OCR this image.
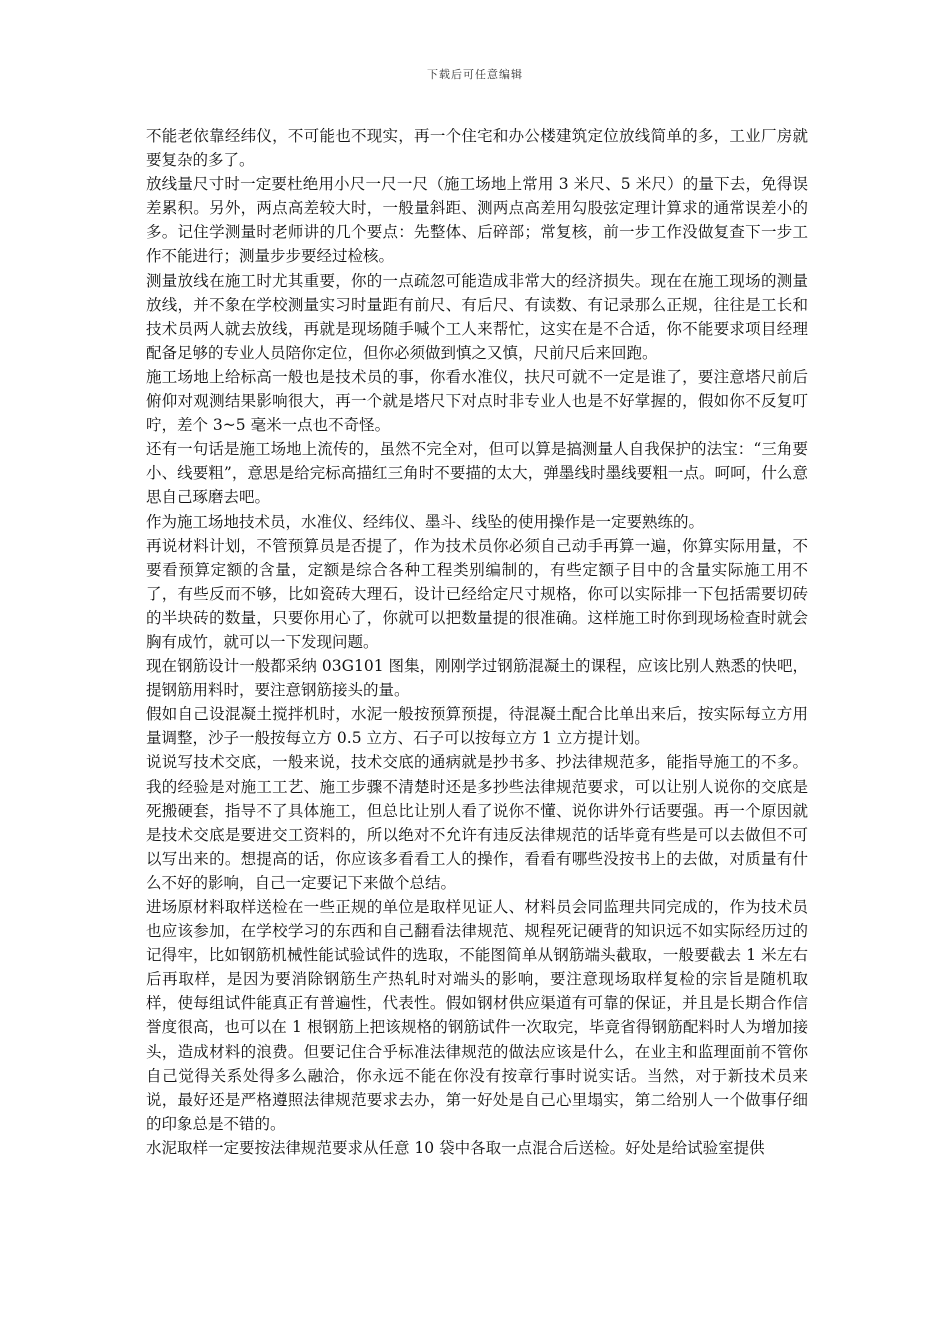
下载后可任意编辑

不能老依靠经纬仪，不可能也不现实，再一个住宅和办公楼建筑定位放线简单的多，工业厂房就要复杂的多了。

放线量尺寸时一定要杜绝用小尺一尺一尺（施工场地上常用 3 米尺、5 米尺）的量下去，免得误差累积。另外，两点高差较大时，一般量斜距、测两点高差用勾股弦定理计算求的通常误差小的多。记住学测量时老师讲的几个要点：先整体、后碎部；常复核，前一步工作没做复查下一步工作不能进行；测量步步要经过检核。

测量放线在施工时尤其重要，你的一点疏忽可能造成非常大的经济损失。现在在施工现场的测量放线，并不象在学校测量实习时量距有前尺、有后尺、有读数、有记录那么正规，往往是工长和技术员两人就去放线，再就是现场随手喊个工人来帮忙，这实在是不合适，你不能要求项目经理配备足够的专业人员陪你定位，但你必须做到慎之又慎，尺前尺后来回跑。

施工场地上给标高一般也是技术员的事，你看水准仪，扶尺可就不一定是谁了，要注意塔尺前后俯仰对观测结果影响很大，再一个就是塔尺下对点时非专业人也是不好掌握的，假如你不反复叮咛，差个 3~5 毫米一点也不奇怪。

还有一句话是施工场地上流传的，虽然不完全对，但可以算是搞测量人自我保护的法宝：“三角要小、线要粗”，意思是给完标高描红三角时不要描的太大，弹墨线时墨线要粗一点。呵呵，什么意思自己琢磨去吧。

作为施工场地技术员，水准仪、经纬仪、墨斗、线坠的使用操作是一定要熟练的。

再说材料计划，不管预算员是否提了，作为技术员你必须自己动手再算一遍，你算实际用量，不要看预算定额的含量，定额是综合各种工程类别编制的，有些定额子目中的含量实际施工用不了，有些反而不够，比如瓷砖大理石，设计已经给定尺寸规格，你可以实际排一下包括需要切砖的半块砖的数量，只要你用心了，你就可以把数量提的很准确。这样施工时你到现场检查时就会胸有成竹，就可以一下发现问题。

现在钢筋设计一般都采纳 03G101 图集，刚刚学过钢筋混凝土的课程，应该比别人熟悉的快吧，提钢筋用料时，要注意钢筋接头的量。

假如自己设混凝土搅拌机时，水泥一般按预算预提，待混凝土配合比单出来后，按实际每立方用量调整，沙子一般按每立方 0.5 立方、石子可以按每立方 1 立方提计划。

说说写技术交底，一般来说，技术交底的通病就是抄书多、抄法律规范多，能指导施工的不多。我的经验是对施工工艺、施工步骤不清楚时还是多抄些法律规范要求，可以让别人说你的交底是死搬硬套，指导不了具体施工，但总比让别人看了说你不懂、说你讲外行话要强。再一个原因就是技术交底是要进交工资料的，所以绝对不允许有违反法律规范的话毕竟有些是可以去做但不可以写出来的。想提高的话，你应该多看看工人的操作，看看有哪些没按书上的去做，对质量有什么不好的影响，自己一定要记下来做个总结。

进场原材料取样送检在一些正规的单位是取样见证人、材料员会同监理共同完成的，作为技术员也应该参加，在学校学习的东西和自己翻看法律规范、规程死记硬背的知识远不如实际经历过的记得牢，比如钢筋机械性能试验试件的选取，不能图简单从钢筋端头截取，一般要截去 1 米左右后再取样，是因为要消除钢筋生产热轧时对端头的影响，要注意现场取样复检的宗旨是随机取样，使每组试件能真正有普遍性，代表性。假如钢材供应渠道有可靠的保证，并且是长期合作信誉度很高，也可以在 1 根钢筋上把该规格的钢筋试件一次取完，毕竟省得钢筋配料时人为增加接头，造成材料的浪费。但要记住合乎标准法律规范的做法应该是什么，在业主和监理面前不管你自己觉得关系处得多么融洽，你永远不能在你没有按章行事时说实话。当然，对于新技术员来说，最好还是严格遵照法律规范要求去办，第一好处是自己心里塌实，第二给别人一个做事仔细的印象总是不错的。

水泥取样一定要按法律规范要求从任意 10 袋中各取一点混合后送检。好处是给试验室提供
